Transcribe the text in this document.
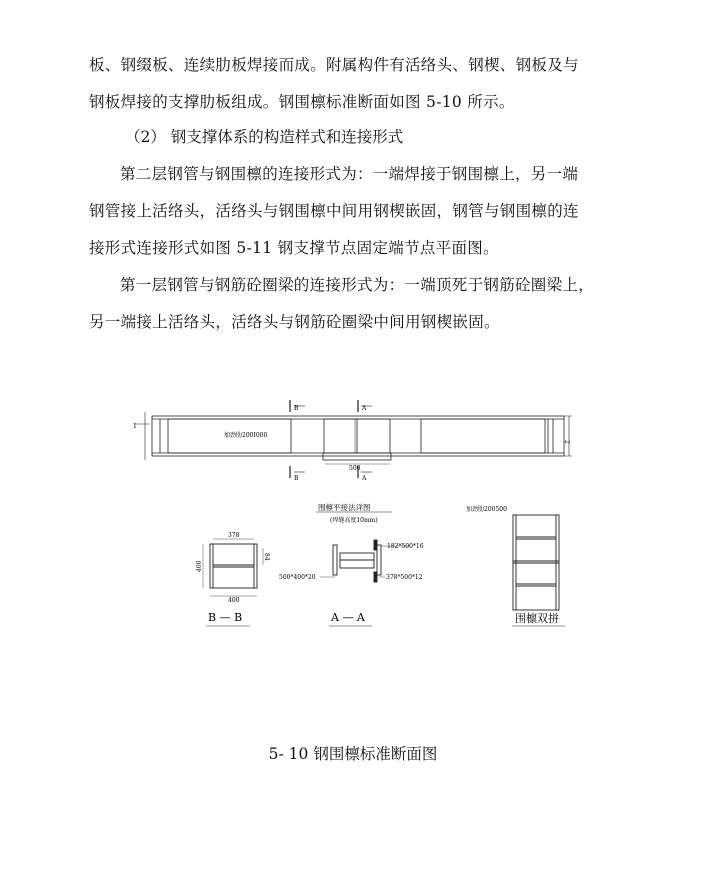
板、钢缀板、连续肋板焊接而成。附属构件有活络头、钢楔、钢板及与
钢板焊接的支撑肋板组成。钢围檩标准断面如图 5-10 所示。

（2） 钢支撑体系的构造样式和连接形式

第二层钢管与钢围檩的连接形式为：一端焊接于钢围檩上，另一端
钢管接上活络头，活络头与钢围檩中间用钢楔嵌固，钢管与钢围檩的连
接形式连接形式如图 5-11 钢支撑节点固定端节点平面图。

第一层钢管与钢筋砼圈梁的连接形式为：一端顶死于钢筋砼圈梁上，
另一端接上活络头，活络头与钢筋砼圈梁中间用钢楔嵌固。

加劲肋200I000
B
B
A
A
500
1
2
围檩平接法详图
(焊缝高度10mm)
378
400
400
84
B — B
182*500*16
500*400*20	378*500*12
A — A
加劲肋200500
围檩双拼
5- 10 钢围檩标准断面图
